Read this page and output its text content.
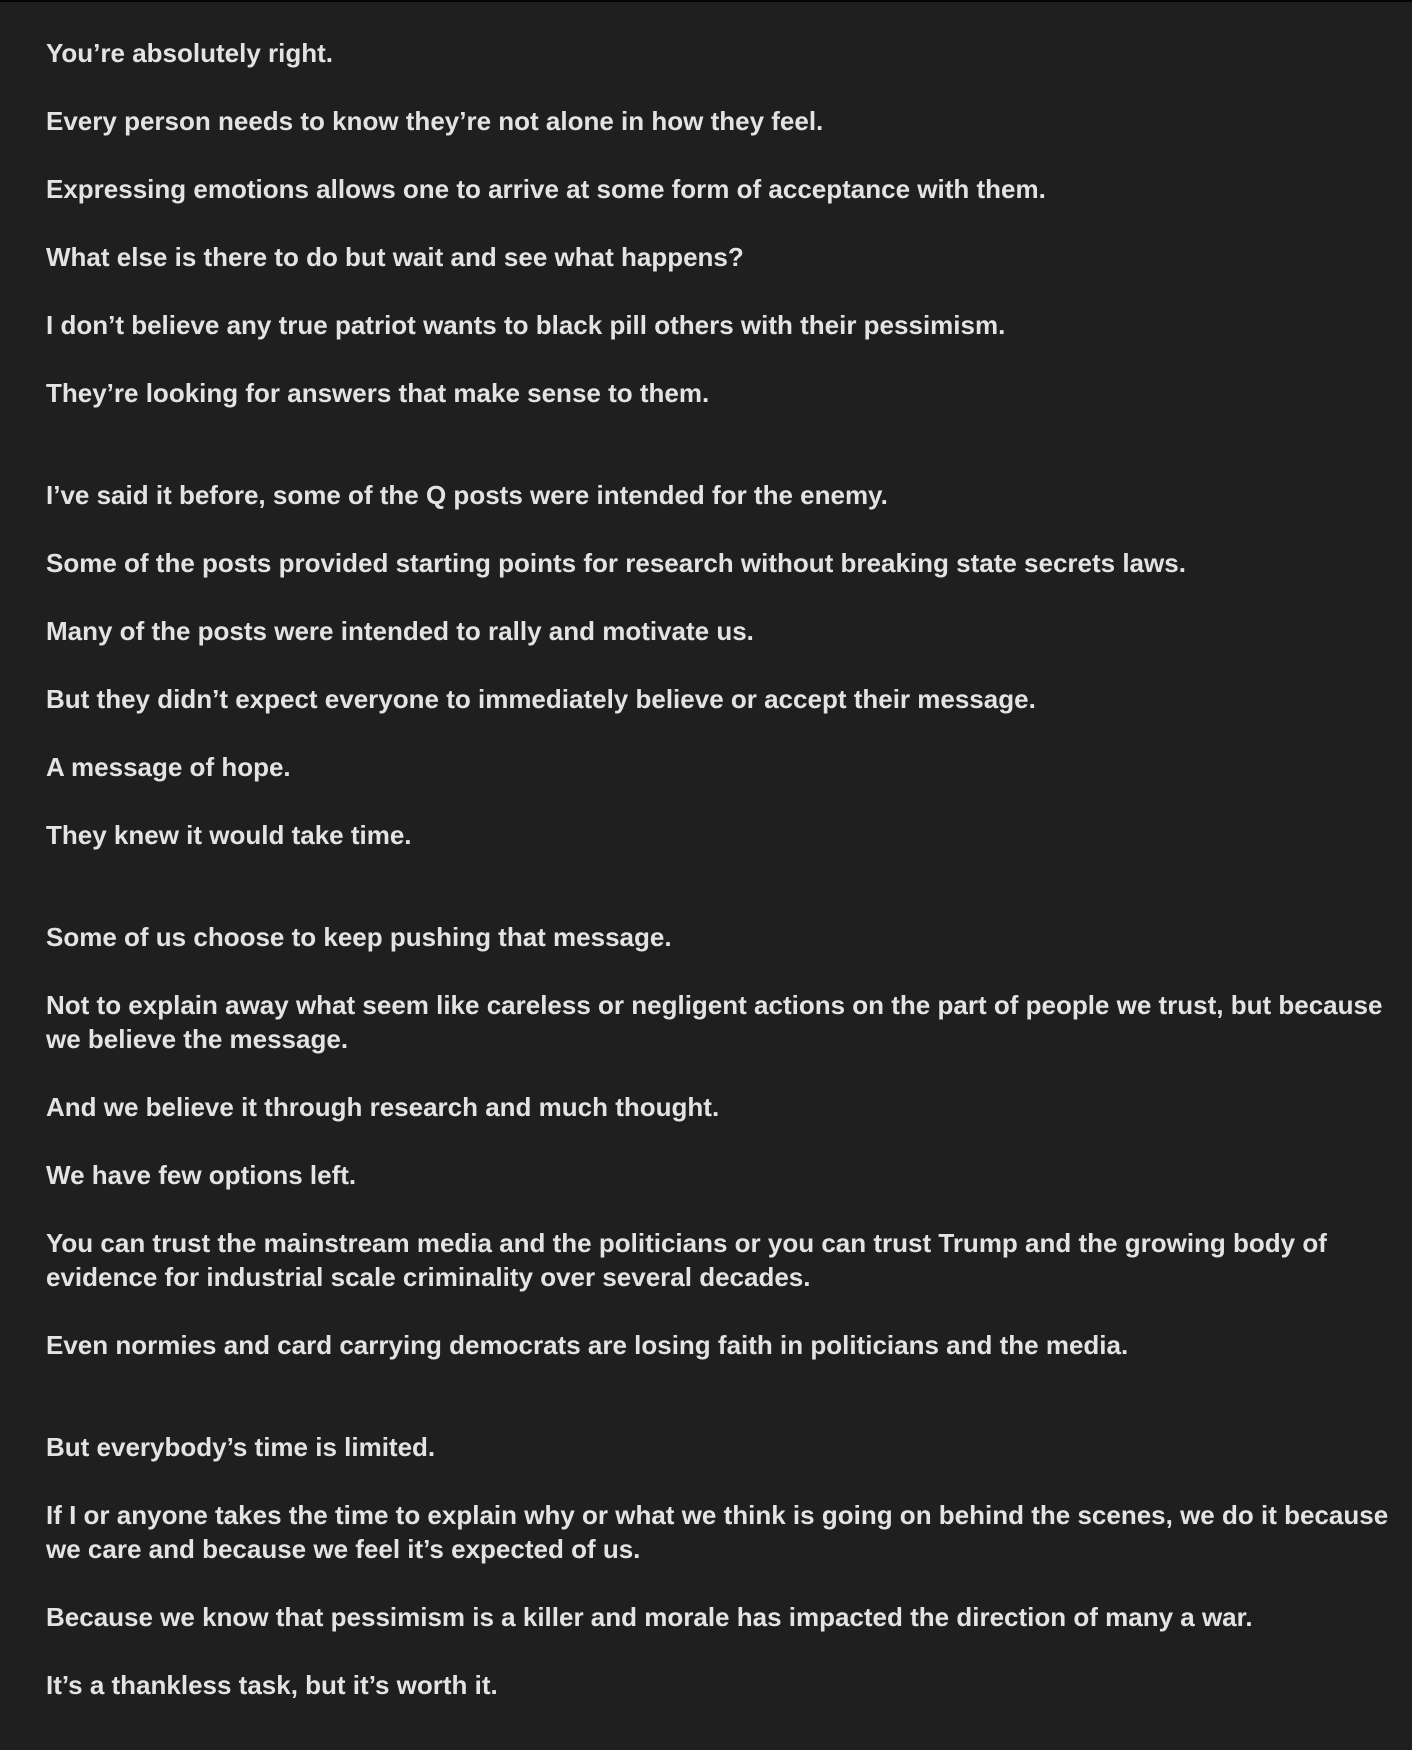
You’re absolutely right.

Every person needs to know they’re not alone in how they feel.

Expressing emotions allows one to arrive at some form of acceptance with them.

What else is there to do but wait and see what happens?

I don’t believe any true patriot wants to black pill others with their pessimism.

They’re looking for answers that make sense to them.

I’ve said it before, some of the Q posts were intended for the enemy.

Some of the posts provided starting points for research without breaking state secrets laws.

Many of the posts were intended to rally and motivate us.

But they didn’t expect everyone to immediately believe or accept their message.

A message of hope.

They knew it would take time.

Some of us choose to keep pushing that message.

Not to explain away what seem like careless or negligent actions on the part of people we trust, but because we believe the message.

And we believe it through research and much thought.

We have few options left.

You can trust the mainstream media and the politicians or you can trust Trump and the growing body of evidence for industrial scale criminality over several decades.

Even normies and card carrying democrats are losing faith in politicians and the media.

But everybody’s time is limited.

If I or anyone takes the time to explain why or what we think is going on behind the scenes, we do it because we care and because we feel it’s expected of us.

Because we know that pessimism is a killer and morale has impacted the direction of many a war.

It’s a thankless task, but it’s worth it.
